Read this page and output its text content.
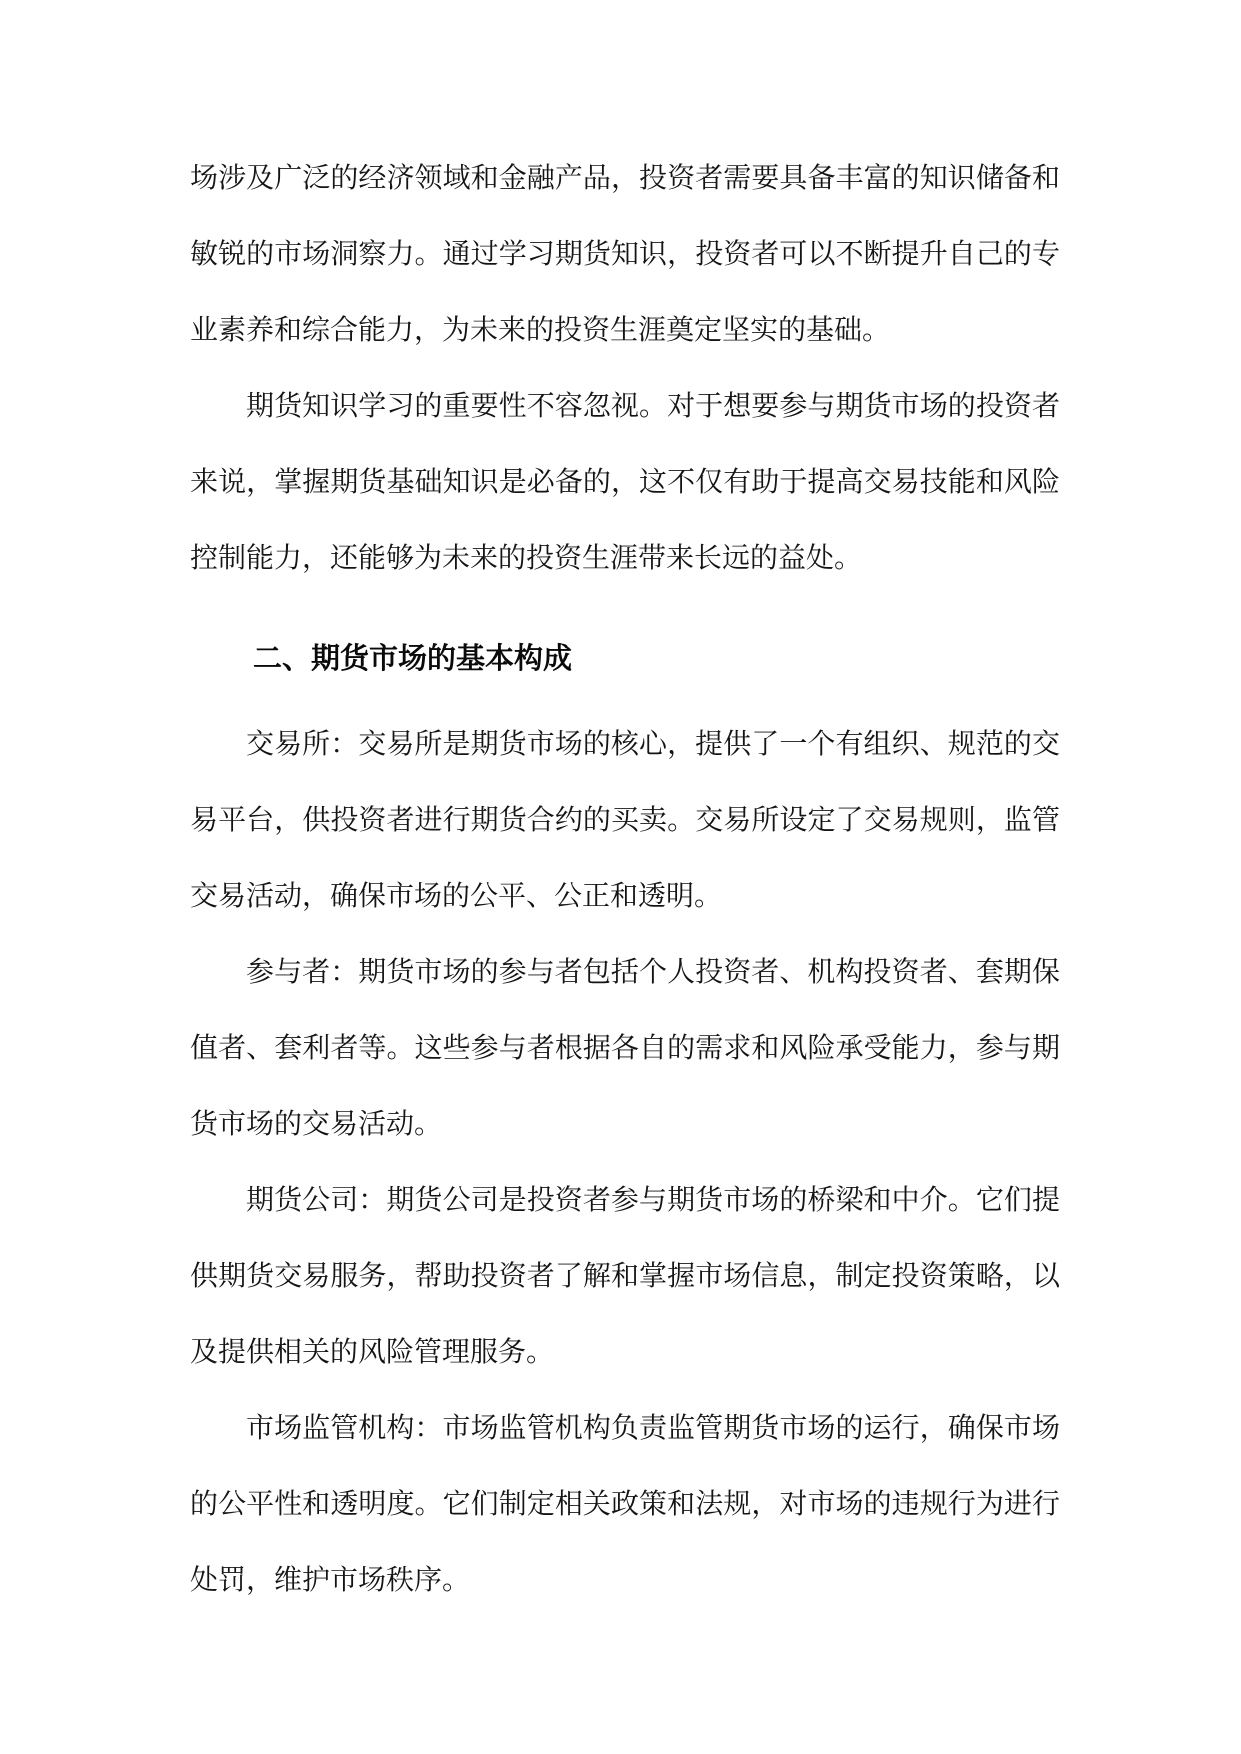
场涉及广泛的经济领域和金融产品，投资者需要具备丰富的知识储备和敏锐的市场洞察力。通过学习期货知识，投资者可以不断提升自己的专业素养和综合能力，为未来的投资生涯奠定坚实的基础。

期货知识学习的重要性不容忽视。对于想要参与期货市场的投资者来说，掌握期货基础知识是必备的，这不仅有助于提高交易技能和风险控制能力，还能够为未来的投资生涯带来长远的益处。

二、期货市场的基本构成

交易所：交易所是期货市场的核心，提供了一个有组织、规范的交易平台，供投资者进行期货合约的买卖。交易所设定了交易规则，监管交易活动，确保市场的公平、公正和透明。

参与者：期货市场的参与者包括个人投资者、机构投资者、套期保值者、套利者等。这些参与者根据各自的需求和风险承受能力，参与期货市场的交易活动。

期货公司：期货公司是投资者参与期货市场的桥梁和中介。它们提供期货交易服务，帮助投资者了解和掌握市场信息，制定投资策略，以及提供相关的风险管理服务。

市场监管机构：市场监管机构负责监管期货市场的运行，确保市场的公平性和透明度。它们制定相关政策和法规，对市场的违规行为进行处罚，维护市场秩序。
